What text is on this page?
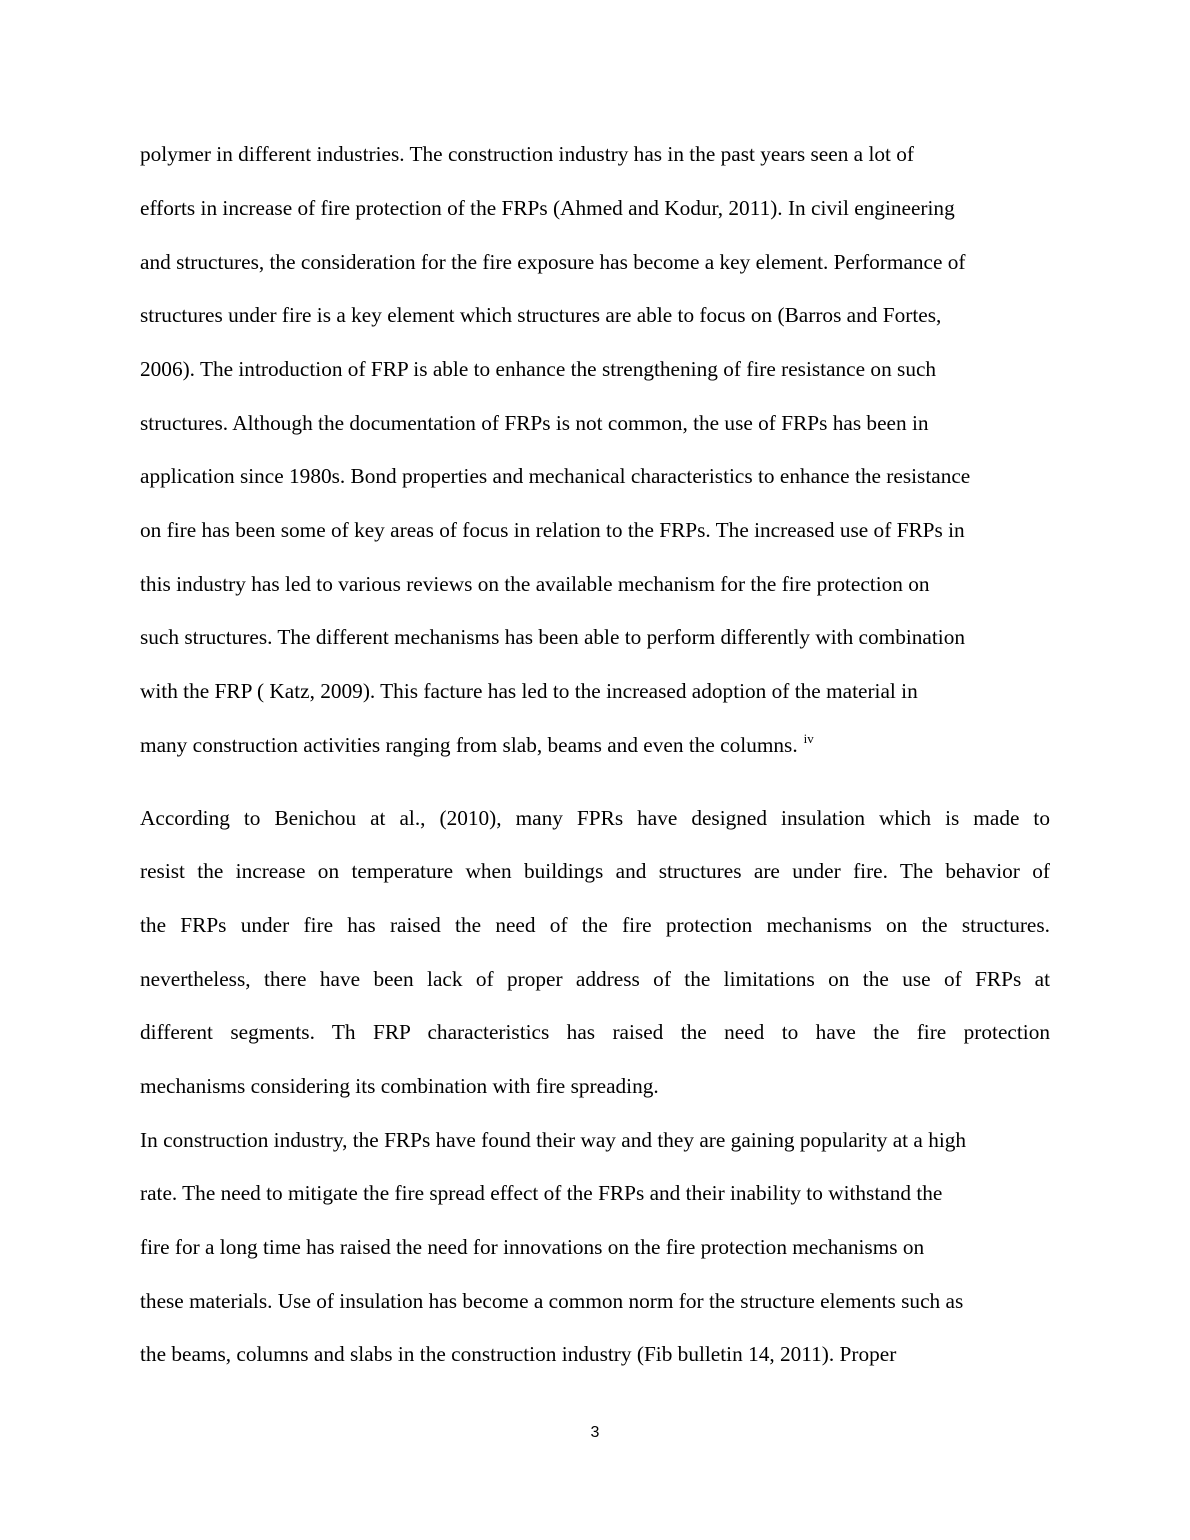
polymer in different industries. The construction industry has in the past years seen a lot of
efforts in increase of fire protection of the FRPs (Ahmed and Kodur, 2011). In civil engineering
and structures, the consideration for the fire exposure has become a key element. Performance of
structures under fire is a key element which structures are able to focus on (Barros and Fortes,
2006). The introduction of FRP is able to enhance the strengthening of fire resistance on such
structures. Although the documentation of FRPs is not common, the use of FRPs has been in
application since 1980s. Bond properties and mechanical characteristics to enhance the resistance
on fire has been some of key areas of focus in relation to the FRPs. The increased use of FRPs in
this industry has led to various reviews on the available mechanism for the fire protection on
such structures. The different mechanisms has been able to perform differently with combination
with the FRP ( Katz, 2009). This facture has led to the increased adoption of the material in
many construction activities ranging from slab, beams and even the columns. $^{iv}$
According to Benichou at al., (2010), many FPRs have designed insulation which is made to
resist the increase on temperature when buildings and structures are under fire. The behavior of
the FRPs under fire has raised the need of the fire protection mechanisms on the structures.
nevertheless, there have been lack of proper address of the limitations on the use of FRPs at
different segments. Th FRP characteristics has raised the need to have the fire protection
mechanisms considering its combination with fire spreading.
In construction industry, the FRPs have found their way and they are gaining popularity at a high
rate. The need to mitigate the fire spread effect of the FRPs and their inability to withstand the
fire for a long time has raised the need for innovations on the fire protection mechanisms on
these materials. Use of insulation has become a common norm for the structure elements such as
the beams, columns and slabs in the construction industry (Fib bulletin 14, 2011). Proper
3
